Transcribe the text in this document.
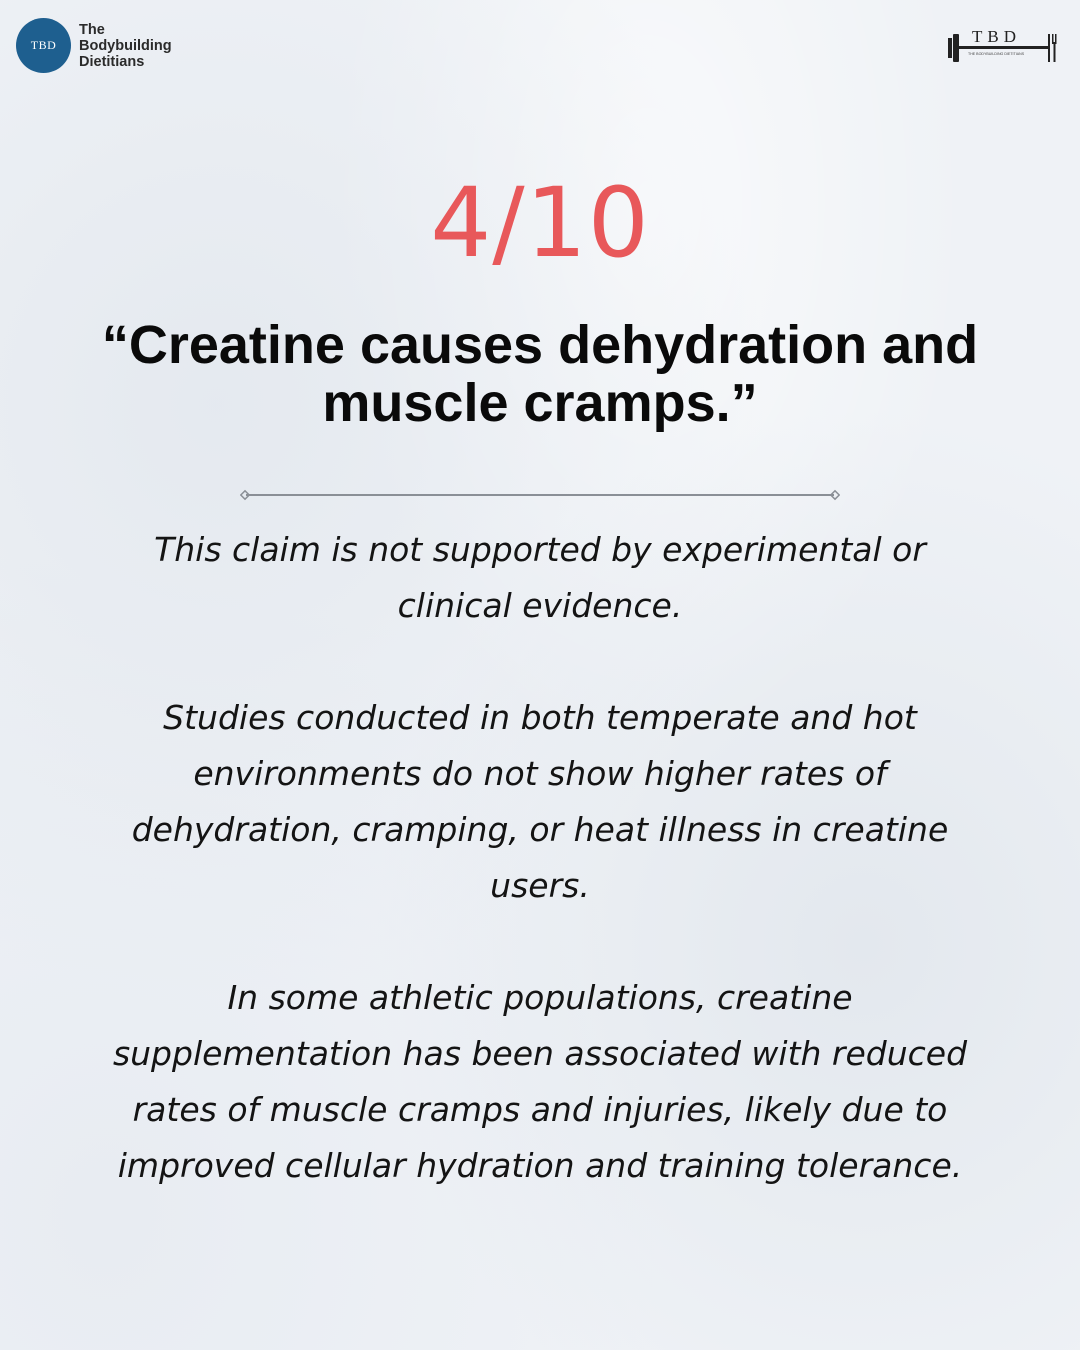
TBD
The
Bodybuilding
Dietitians
TBD
THE BODYBUILDING DIETITIANS
4/10
“Creatine causes dehydration and muscle cramps.”

This claim is not supported by experimental or clinical evidence.

Studies conducted in both temperate and hot environments do not show higher rates of dehydration, cramping, or heat illness in creatine users.

In some athletic populations, creatine supplementation has been associated with reduced rates of muscle cramps and injuries, likely due to improved cellular hydration and training tolerance.
